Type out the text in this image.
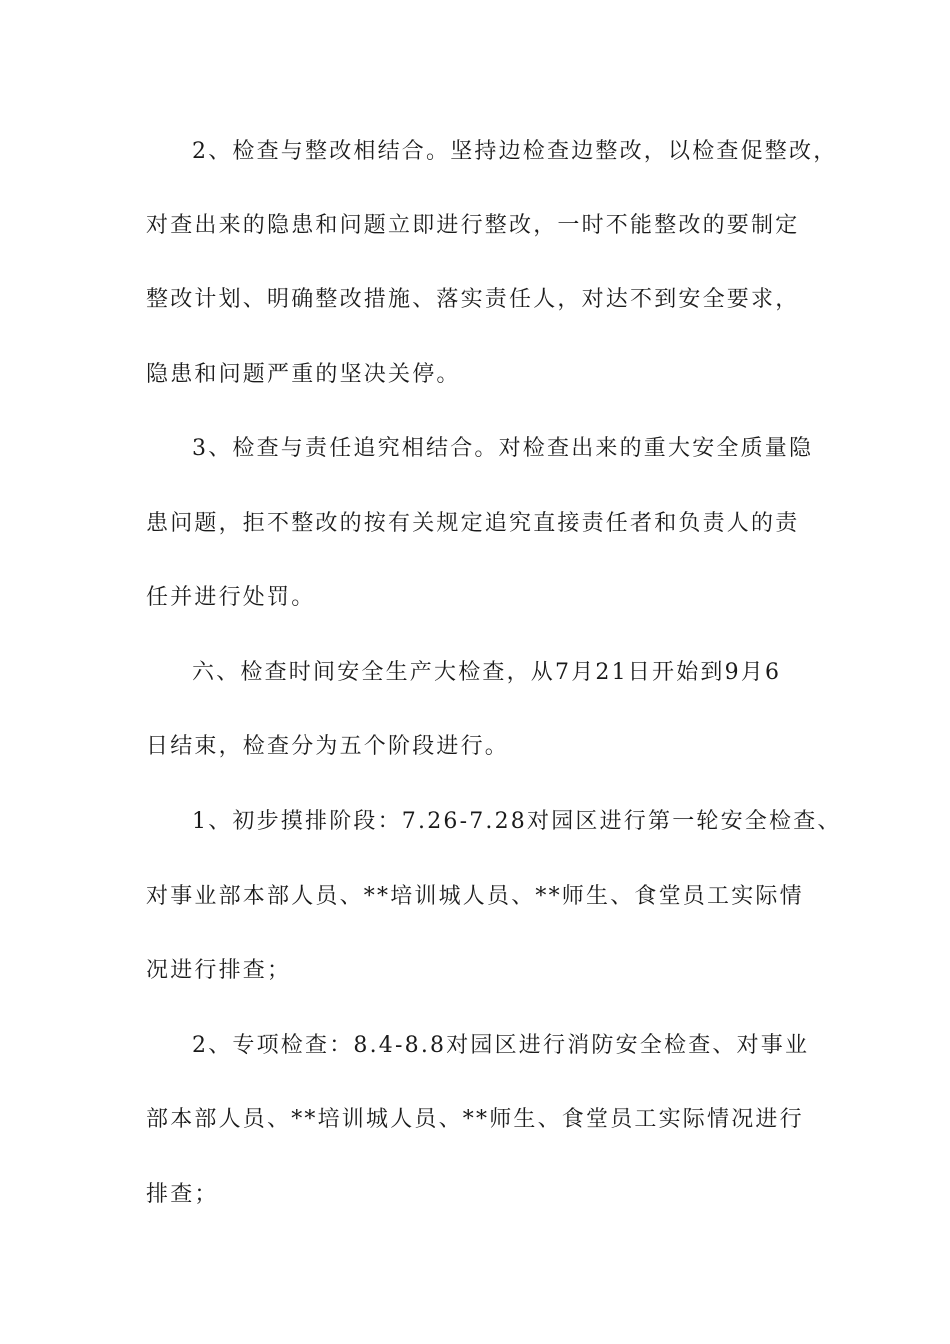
2、检查与整改相结合。坚持边检查边整改，以检查促整改，
对查出来的隐患和问题立即进行整改，一时不能整改的要制定
整改计划、明确整改措施、落实责任人，对达不到安全要求，
隐患和问题严重的坚决关停。
3、检查与责任追究相结合。对检查出来的重大安全质量隐
患问题，拒不整改的按有关规定追究直接责任者和负责人的责
任并进行处罚。
六、检查时间安全生产大检查，从7月21日开始到9月6
日结束，检查分为五个阶段进行。
1、初步摸排阶段：7.26-7.28对园区进行第一轮安全检查、
对事业部本部人员、**培训城人员、**师生、食堂员工实际情
况进行排查；
2、专项检查：8.4-8.8对园区进行消防安全检查、对事业
部本部人员、**培训城人员、**师生、食堂员工实际情况进行
排查；
